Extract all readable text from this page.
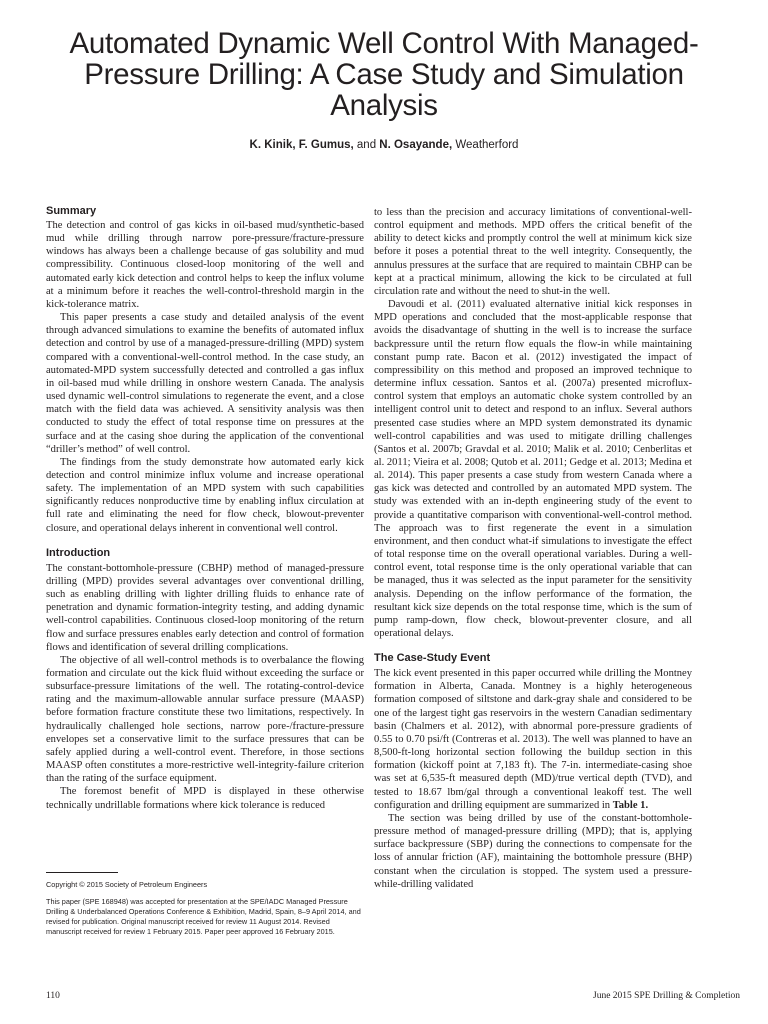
Automated Dynamic Well Control With Managed-Pressure Drilling: A Case Study and Simulation Analysis
K. Kinik, F. Gumus, and N. Osayande, Weatherford
Summary

The detection and control of gas kicks in oil-based mud/synthetic-based mud while drilling through narrow pore-pressure/fracture-pressure windows has always been a challenge because of gas solubility and mud compressibility. Continuous closed-loop monitoring of the well and automated early kick detection and control helps to keep the influx volume at a minimum before it reaches the well-control-threshold margin in the kick-tolerance matrix.

This paper presents a case study and detailed analysis of the event through advanced simulations to examine the benefits of automated influx detection and control by use of a managed-pressure-drilling (MPD) system compared with a conventional-well-control method. In the case study, an automated-MPD system successfully detected and controlled a gas influx in oil-based mud while drilling in onshore western Canada. The analysis used dynamic well-control simulations to regenerate the event, and a close match with the field data was achieved. A sensitivity analysis was then conducted to study the effect of total response time on pressures at the surface and at the casing shoe during the application of the conventional “driller’s method” of well control.

The findings from the study demonstrate how automated early kick detection and control minimize influx volume and increase operational safety. The implementation of an MPD system with such capabilities significantly reduces nonproductive time by enabling influx circulation at full rate and eliminating the need for flow check, blowout-preventer closure, and operational delays inherent in conventional well control.

Introduction

The constant-bottomhole-pressure (CBHP) method of managed-pressure drilling (MPD) provides several advantages over conventional drilling, such as enabling drilling with lighter drilling fluids to enhance rate of penetration and dynamic formation-integrity testing, and adding dynamic well-control capabilities. Continuous closed-loop monitoring of the return flow and surface pressures enables early detection and control of formation flows and identification of several drilling complications.

The objective of all well-control methods is to overbalance the flowing formation and circulate out the kick fluid without exceeding the surface or subsurface-pressure limitations of the well. The rotating-control-device rating and the maximum-allowable annular surface pressure (MAASP) before formation fracture constitute these two limitations, respectively. In hydraulically challenged hole sections, narrow pore-/fracture-pressure envelopes set a conservative limit to the surface pressures that can be safely applied during a well-control event. Therefore, in those sections MAASP often constitutes a more-restrictive well-integrity-failure criterion than the rating of the surface equipment.

The foremost benefit of MPD is displayed in these otherwise technically undrillable formations where kick tolerance is reduced

to less than the precision and accuracy limitations of conventional-well-control equipment and methods. MPD offers the critical benefit of the ability to detect kicks and promptly control the well at minimum kick size before it poses a potential threat to the well integrity. Consequently, the annulus pressures at the surface that are required to maintain CBHP can be kept at a practical minimum, allowing the kick to be circulated at full circulation rate and without the need to shut-in the well.

Davoudi et al. (2011) evaluated alternative initial kick responses in MPD operations and concluded that the most-applicable response that avoids the disadvantage of shutting in the well is to increase the surface backpressure until the return flow equals the flow-in while maintaining constant pump rate. Bacon et al. (2012) investigated the impact of compressibility on this method and proposed an improved technique to determine influx cessation. Santos et al. (2007a) presented microflux-control system that employs an automatic choke system controlled by an intelligent control unit to detect and respond to an influx. Several authors presented case studies where an MPD system demonstrated its dynamic well-control capabilities and was used to mitigate drilling challenges (Santos et al. 2007b; Gravdal et al. 2010; Malik et al. 2010; Cenberlitas et al. 2011; Vieira et al. 2008; Qutob et al. 2011; Gedge et al. 2013; Medina et al. 2014). This paper presents a case study from western Canada where a gas kick was detected and controlled by an automated MPD system. The study was extended with an in-depth engineering study of the event to provide a quantitative comparison with conventional-well-control method. The approach was to first regenerate the event in a simulation environment, and then conduct what-if simulations to investigate the effect of total response time on the overall operational variables. During a well-control event, total response time is the only operational variable that can be managed, thus it was selected as the input parameter for the sensitivity analysis. Depending on the inflow performance of the formation, the resultant kick size depends on the total response time, which is the sum of pump ramp-down, flow check, blowout-preventer closure, and all operational delays.

The Case-Study Event

The kick event presented in this paper occurred while drilling the Montney formation in Alberta, Canada. Montney is a highly heterogeneous formation composed of siltstone and dark-gray shale and considered to be one of the largest tight gas reservoirs in the western Canadian sedimentary basin (Chalmers et al. 2012), with abnormal pore-pressure gradients of 0.55 to 0.70 psi/ft (Contreras et al. 2013). The well was planned to have an 8,500-ft-long horizontal section following the buildup section in this formation (kickoff point at 7,183 ft). The 7-in. intermediate-casing shoe was set at 6,535-ft measured depth (MD)/true vertical depth (TVD), and tested to 18.67 lbm/gal through a conventional leakoff test. The well configuration and drilling equipment are summarized in Table 1.

The section was being drilled by use of the constant-bottomhole-pressure method of managed-pressure drilling (MPD); that is, applying surface backpressure (SBP) during the connections to compensate for the loss of annular friction (AF), maintaining the bottomhole pressure (BHP) constant when the circulation is stopped. The system used a pressure-while-drilling validated

Copyright © 2015 Society of Petroleum Engineers

This paper (SPE 168948) was accepted for presentation at the SPE/IADC Managed Pressure Drilling & Underbalanced Operations Conference & Exhibition, Madrid, Spain, 8–9 April 2014, and revised for publication. Original manuscript received for review 11 August 2014. Revised manuscript received for review 1 February 2015. Paper peer approved 16 February 2015.

110	June 2015 SPE Drilling & Completion
